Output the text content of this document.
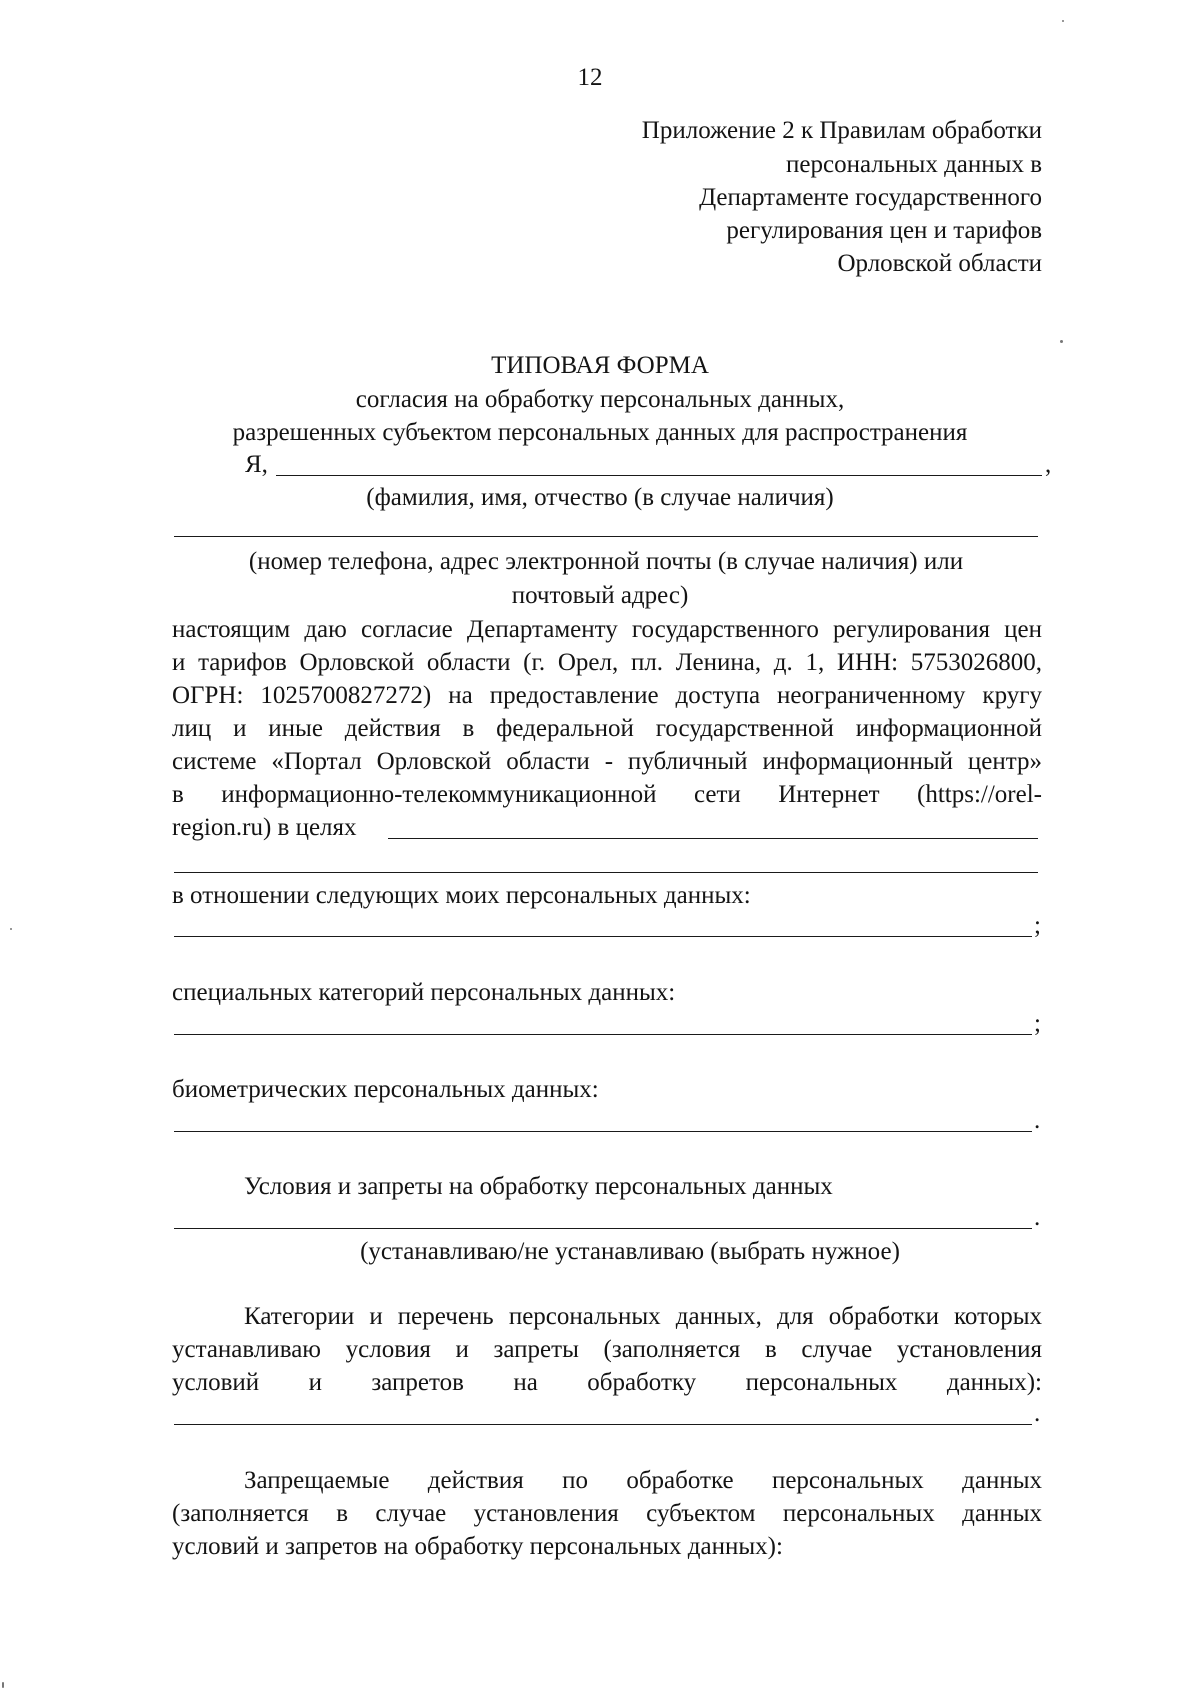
12
Приложение 2 к Правилам обработки
персональных данных в
Департаменте государственного
регулирования цен и тарифов
Орловской области
ТИПОВАЯ ФОРМА
согласия на обработку персональных данных,
разрешенных субъектом персональных данных для распространения
Я,	,
(фамилия, имя, отчество (в случае наличия)
(номер телефона, адрес электронной почты (в случае наличия) или
почтовый адрес)
настоящим даю согласие Департаменту государственного регулирования цен
и тарифов Орловской области (г. Орел, пл. Ленина, д. 1, ИНН: 5753026800,
ОГРН: 1025700827272) на предоставление доступа неограниченному кругу
лиц и иные действия в федеральной государственной информационной
системе «Портал Орловской области - публичный информационный центр»
в информационно-телекоммуникационной сети Интернет (https://orel-
region.ru) в целях
в отношении следующих моих персональных данных:
;
специальных категорий персональных данных:
;
биометрических персональных данных:
.
Условия и запреты на обработку персональных данных
.
(устанавливаю/не устанавливаю (выбрать нужное)
Категории и перечень персональных данных, для обработки которых
устанавливаю условия и запреты (заполняется в случае установления
условий и запретов на обработку персональных данных):
.
Запрещаемые действия по обработке персональных данных
(заполняется в случае установления субъектом персональных данных
условий и запретов на обработку персональных данных):
